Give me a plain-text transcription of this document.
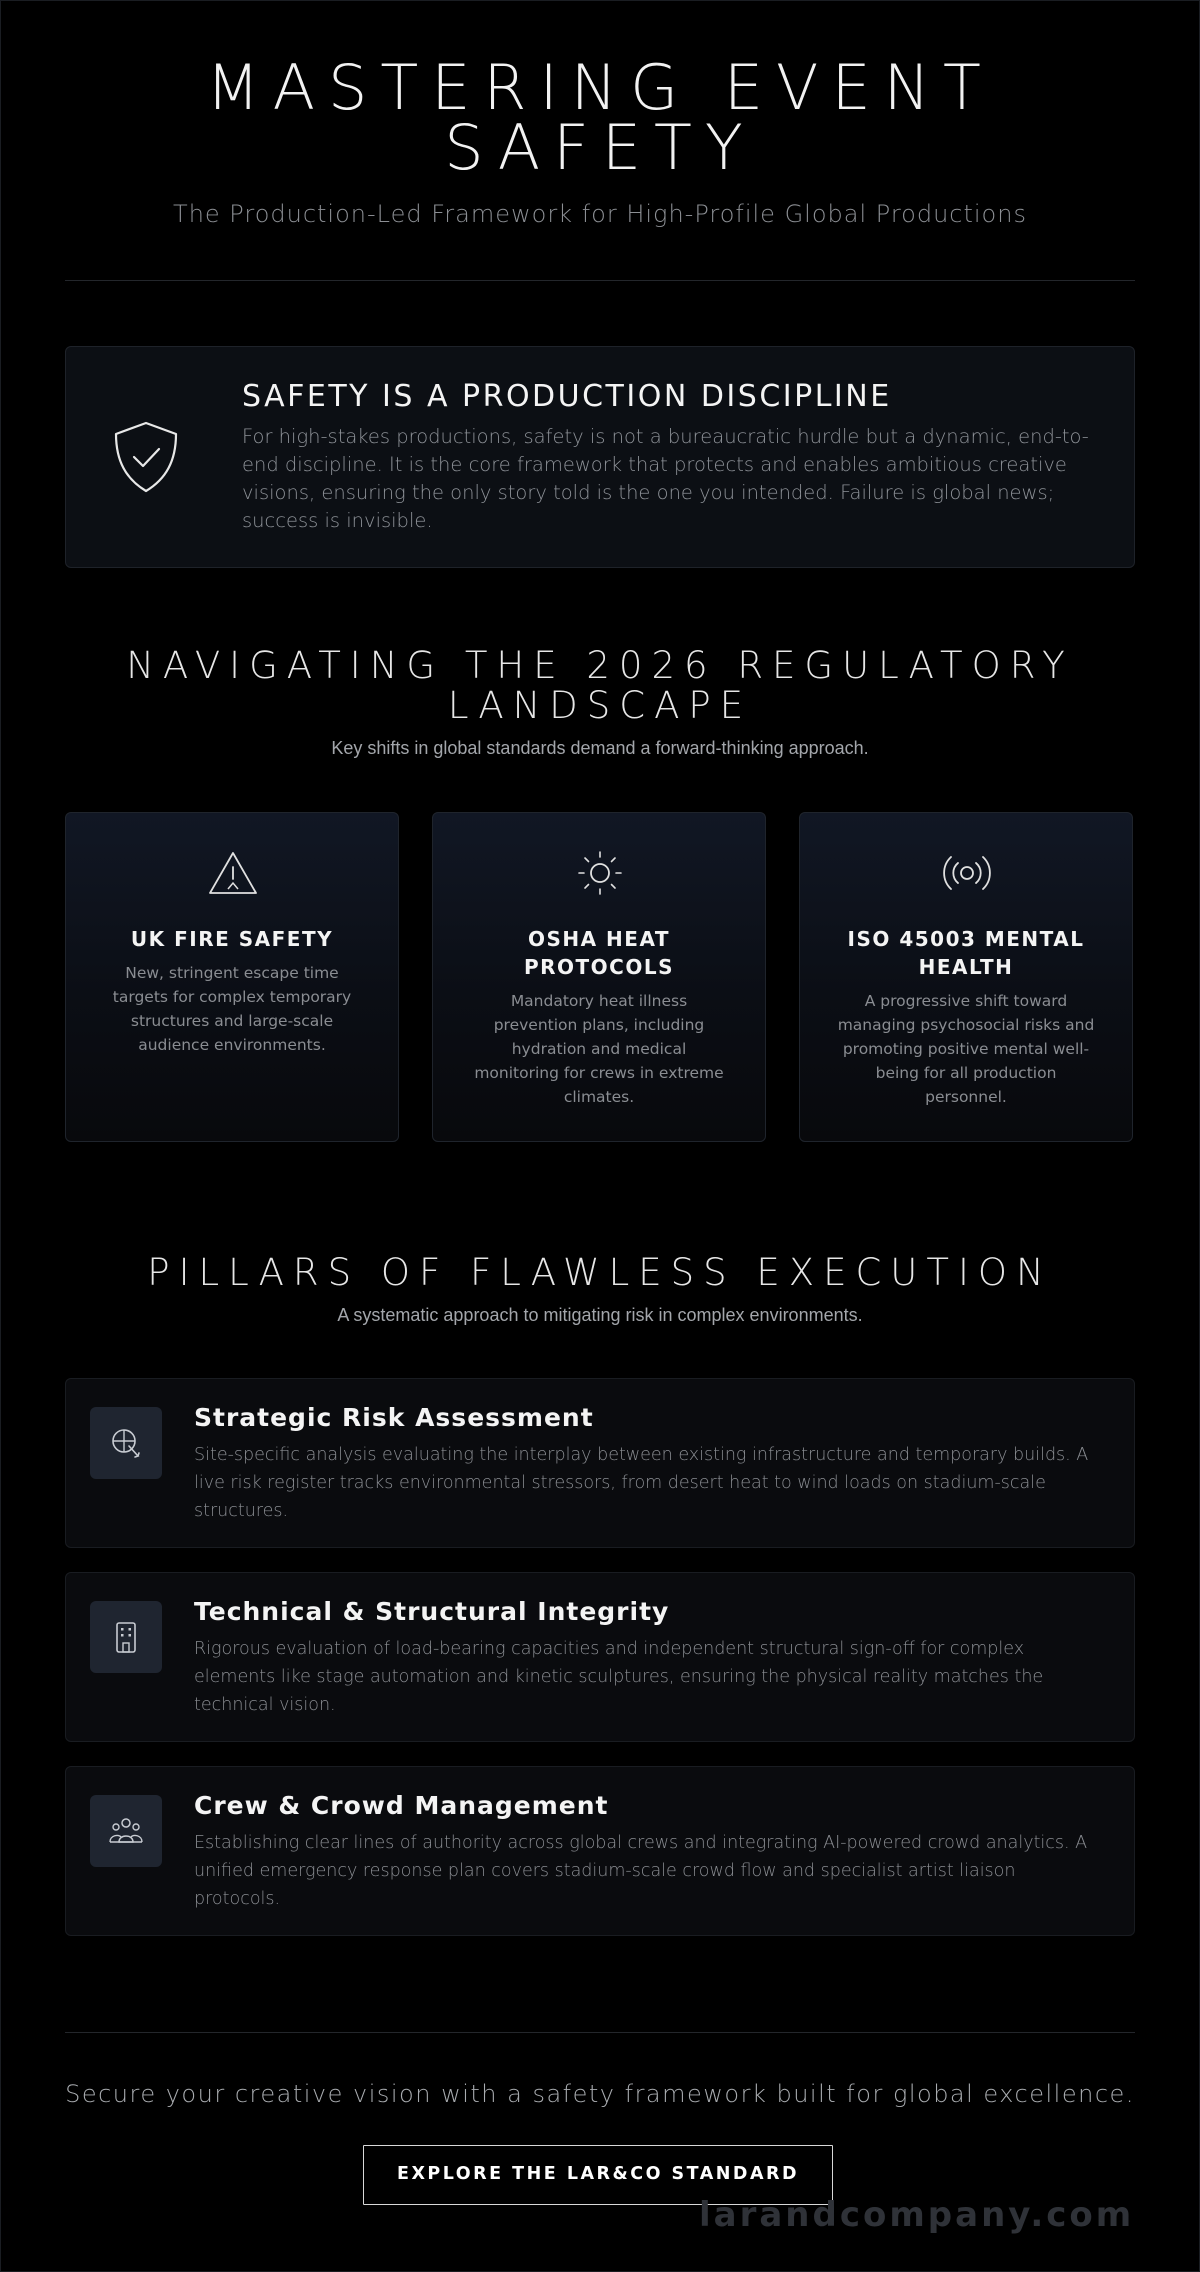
MASTERING EVENT
SAFETY
The Production-Led Framework for High-Profile Global Productions
SAFETY IS A PRODUCTION DISCIPLINE
For high-stakes productions, safety is not a bureaucratic hurdle but a dynamic, end-to-end discipline. It is the core framework that protects and enables ambitious creative visions, ensuring the only story told is the one you intended. Failure is global news; success is invisible.
NAVIGATING THE 2026 REGULATORY
LANDSCAPE
Key shifts in global standards demand a forward-thinking approach.
UK FIRE SAFETY
New, stringent escape time targets for complex temporary structures and large-scale audience environments.
OSHA HEAT PROTOCOLS
Mandatory heat illness prevention plans, including hydration and medical monitoring for crews in extreme climates.
ISO 45003 MENTAL HEALTH
A progressive shift toward managing psychosocial risks and promoting positive mental well-being for all production personnel.
PILLARS OF FLAWLESS EXECUTION
A systematic approach to mitigating risk in complex environments.
Strategic Risk Assessment
Site-specific analysis evaluating the interplay between existing infrastructure and temporary builds. A live risk register tracks environmental stressors, from desert heat to wind loads on stadium-scale structures.
Technical & Structural Integrity
Rigorous evaluation of load-bearing capacities and independent structural sign-off for complex elements like stage automation and kinetic sculptures, ensuring the physical reality matches the technical vision.
Crew & Crowd Management
Establishing clear lines of authority across global crews and integrating AI-powered crowd analytics. A unified emergency response plan covers stadium-scale crowd flow and specialist artist liaison protocols.
Secure your creative vision with a safety framework built for global excellence.
EXPLORE THE LAR&CO STANDARD
larandcompany.com
